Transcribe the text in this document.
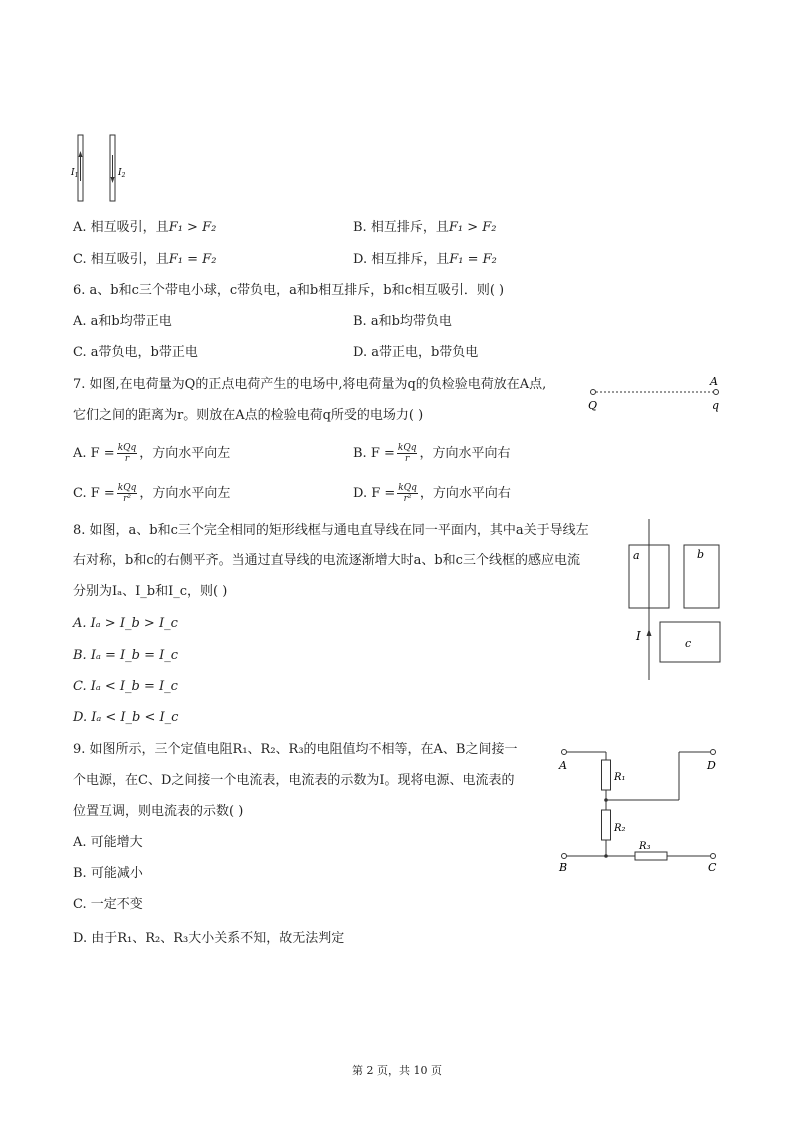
$I_1$	$I_2$
A. 相互吸引，且F₁ > F₂	B. 相互排斥，且F₁ > F₂
C. 相互吸引，且F₁ = F₂	D. 相互排斥，且F₁ = F₂
6. a、b和c三个带电小球，c带负电，a和b相互排斥，b和c相互吸引．则( )
A. a和b均带正电	B. a和b均带负电
C. a带负电，b带正电	D. a带正电，b带负电
7. 如图,在电荷量为Q的正点电荷产生的电场中,将电荷量为q的负检验电荷放在A点,
它们之间的距离为r。则放在A点的检验电荷q所受的电场力( )
A
Q	q
A. $F = \frac{\text{kQq}}{r}$ ，方向水平向左	B. $F = \frac{\text{kQq}}{r}$ ，方向水平向右
C. $F = \frac{\text{kQq}}{\text{r²}}$ ，方向水平向左	D. $F = \frac{\text{kQq}}{\text{r²}}$ ，方向水平向右
8. 如图，a、b和c三个完全相同的矩形线框与通电直导线在同一平面内，其中a关于导线左
右对称，b和c的右侧平齐。当通过直导线的电流逐渐增大时a、b和c三个线框的感应电流
分别为Iₐ、I_b和I_c，则( )
A. Iₐ > I_b > I_c
B. Iₐ = I_b = I_c
C. Iₐ < I_b = I_c
D. Iₐ < I_b < I_c
a	b
c
I
9. 如图所示，三个定值电阻R₁、R₂、R₃的电阻值均不相等，在A、B之间接一
个电源，在C、D之间接一个电流表，电流表的示数为I。现将电源、电流表的
位置互调，则电流表的示数( )
A. 可能增大
B. 可能减小
C. 一定不变
D. 由于R₁、R₂、R₃大小关系不知，故无法判定
A	D
B	C
R₁
R₂
R₃
第 2 页，共 10 页
